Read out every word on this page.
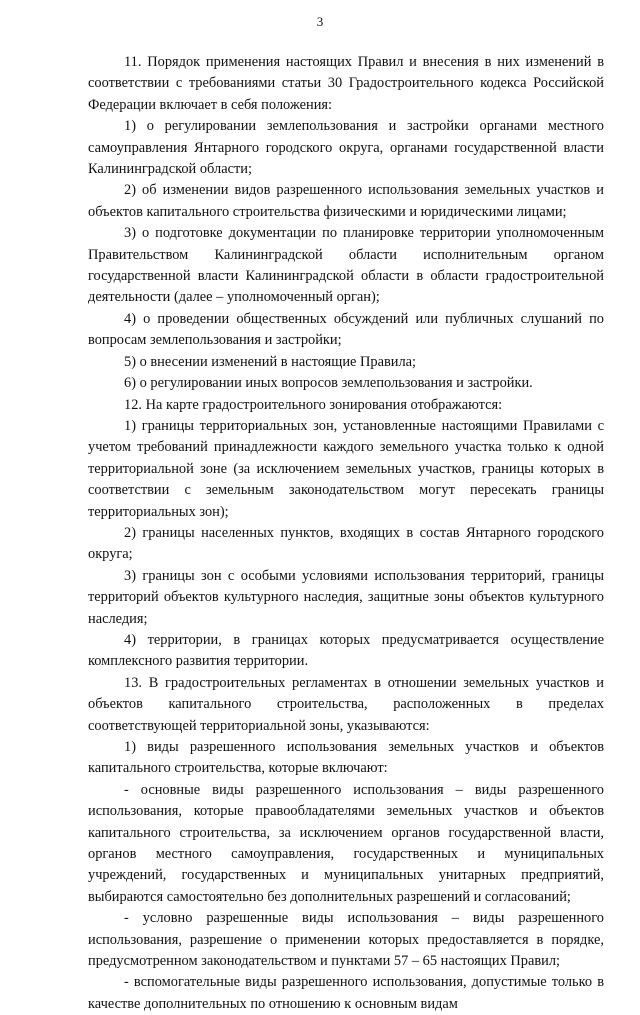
3

11. Порядок применения настоящих Правил и внесения в них изменений в соответствии с требованиями статьи 30 Градостроительного кодекса Российской Федерации включает в себя положения:

1) о регулировании землепользования и застройки органами местного самоуправления Янтарного городского округа, органами государственной власти Калининградской области;

2) об изменении видов разрешенного использования земельных участков и объектов капитального строительства физическими и юридическими лицами;

3) о подготовке документации по планировке территории уполномоченным Правительством Калининградской области исполнительным органом государственной власти Калининградской области в области градостроительной деятельности (далее – уполномоченный орган);

4) о проведении общественных обсуждений или публичных слушаний по вопросам землепользования и застройки;

5) о внесении изменений в настоящие Правила;

6) о регулировании иных вопросов землепользования и застройки.

12. На карте градостроительного зонирования отображаются:

1) границы территориальных зон, установленные настоящими Правилами с учетом требований принадлежности каждого земельного участка только к одной территориальной зоне (за исключением земельных участков, границы которых в соответствии с земельным законодательством могут пересекать границы территориальных зон);

2) границы населенных пунктов, входящих в состав Янтарного городского округа;

3) границы зон с особыми условиями использования территорий, границы территорий объектов культурного наследия, защитные зоны объектов культурного наследия;

4) территории, в границах которых предусматривается осуществление комплексного развития территории.

13. В градостроительных регламентах в отношении земельных участков и объектов капитального строительства, расположенных в пределах соответствующей территориальной зоны, указываются:

1) виды разрешенного использования земельных участков и объектов капитального строительства, которые включают:

- основные виды разрешенного использования – виды разрешенного использования, которые правообладателями земельных участков и объектов капитального строительства, за исключением органов государственной власти, органов местного самоуправления, государственных и муниципальных учреждений, государственных и муниципальных унитарных предприятий, выбираются самостоятельно без дополнительных разрешений и согласований;

- условно разрешенные виды использования – виды разрешенного использования, разрешение о применении которых предоставляется в порядке, предусмотренном законодательством и пунктами 57 – 65 настоящих Правил;

- вспомогательные виды разрешенного использования, допустимые только в качестве дополнительных по отношению к основным видам
